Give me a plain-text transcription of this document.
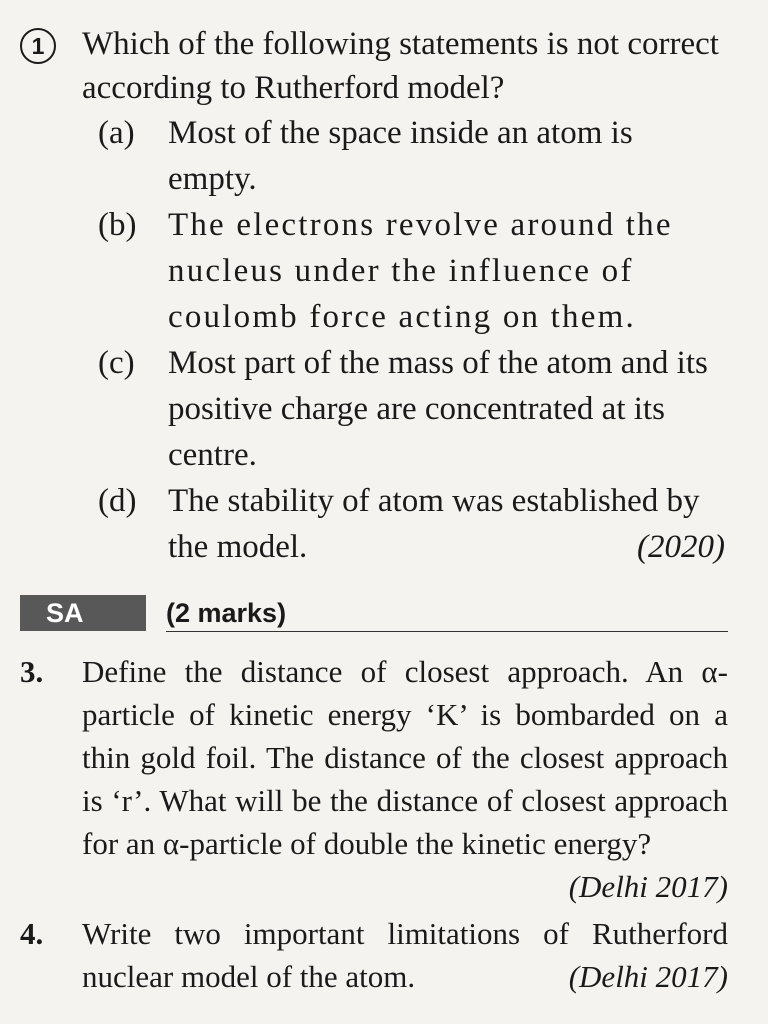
1	Which of the following statements is not correct according to Rutherford model?
(a)	Most of the space inside an atom is empty.
(b) The electrons revolve around the nucleus under the influence of coulomb force acting on them.
(c)	Most part of the mass of the atom and its positive charge are concentrated at its centre.
(d) The stability of atom was established by the model.	(2020)
SA	(2 marks)
3.	Define the distance of closest approach. An α-particle of kinetic energy ‘K’ is bombarded on a thin gold foil. The distance of the closest approach is ‘r’. What will be the distance of closest approach for an α-particle of double the kinetic energy?
(Delhi 2017)
4.	Write two important limitations of Rutherford nuclear model of the atom.	(Delhi 2017)
